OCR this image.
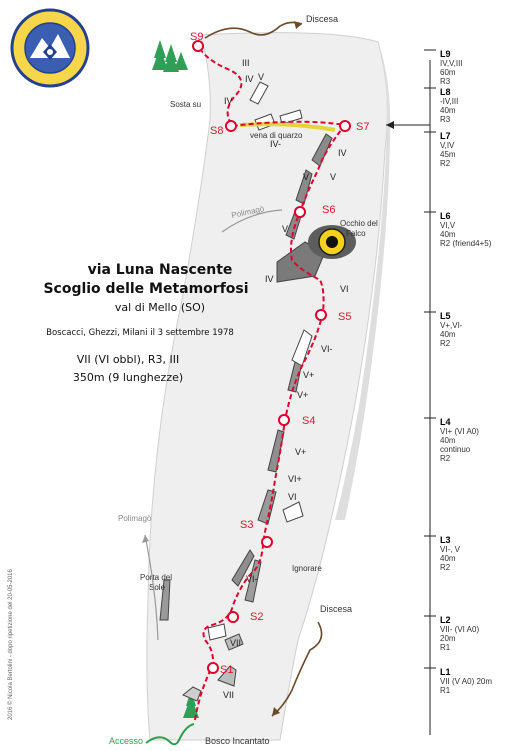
S1
S2
S3
S4
S5
S6
S7
S8
S9
VII
VII
VI-
VI
VI+
V+
V+
V+
VI-
VI
IV
V
V
IV
V
IV-
IV
IV V
III
Discesa
Discesa
Accesso	Bosco Incantato
Sosta su
vena di quarzo
Polimagò
Occhio del
Falco
Polimagò
Ignorare
Porta del
Sole
via Luna Nascente
Scoglio delle Metamorfosi
val di Mello (SO)
Boscacci, Ghezzi, Milani il 3 settembre 1978
VII (VI obbl), R3, III
350m (9 lunghezze)
2016 © Nicola Bertolini - dopo ripetizione del 20-05-2016
L9
IV,V,III
60m
R3
L8
-IV,III
40m
R3
L7
V,IV
45m
R2
L6
VI,V
40m
R2 (friend4+5)
L5
V+,VI-
40m
R2
L4
VI+ (VI A0)
40m
continuo
R2
L3
VI-, V
40m
R2
L2
VII- (VI A0)
20m
R1
L1
VII (V A0) 20m
R1
